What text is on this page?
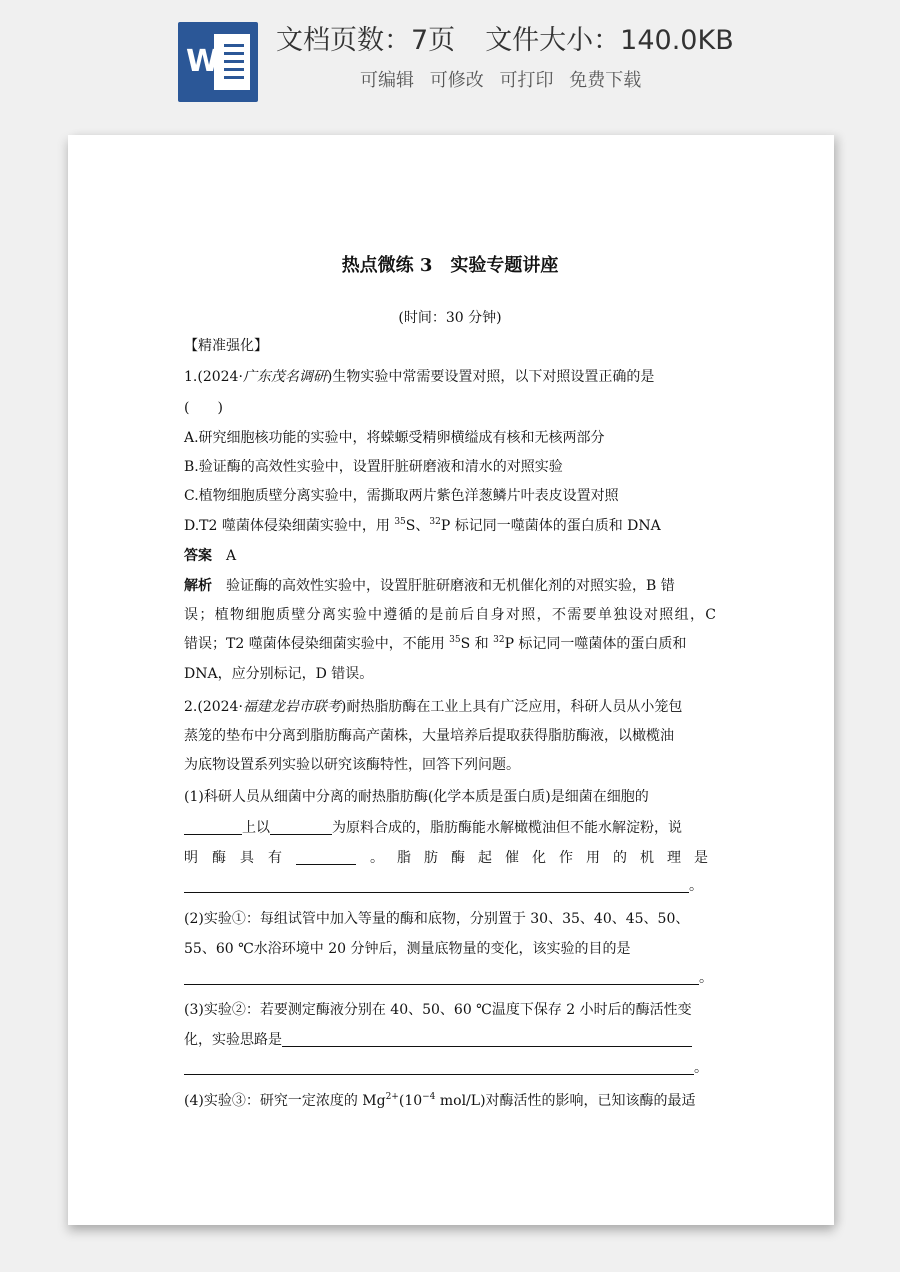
W
文档页数：7页 文件大小：140.0KB
可编辑 可修改 可打印 免费下载
热点微练 3　实验专题讲座
(时间：30 分钟)
【精准强化】
1.(2024·广东茂名调研)生物实验中常需要设置对照，以下对照设置正确的是
(　　)
A.研究细胞核功能的实验中，将蝾螈受精卵横缢成有核和无核两部分
B.验证酶的高效性实验中，设置肝脏研磨液和清水的对照实验
C.植物细胞质壁分离实验中，需撕取两片紫色洋葱鳞片叶表皮设置对照
D.T2 噬菌体侵染细菌实验中，用 $^{35}$S、$^{32}$P 标记同一噬菌体的蛋白质和 DNA
答案　 A
解析　 验证酶的高效性实验中，设置肝脏研磨液和无机催化剂的对照实验，B 错
误；植物细胞质壁分离实验中遵循的是前后自身对照，不需要单独设对照组，C
错误；T2 噬菌体侵染细菌实验中，不能用 $^{35}$S 和 $^{32}$P 标记同一噬菌体的蛋白质和
DNA，应分别标记，D 错误。
2.(2024·福建龙岩市联考)耐热脂肪酶在工业上具有广泛应用，科研人员从小笼包
蒸笼的垫布中分离到脂肪酶高产菌株，大量培养后提取获得脂肪酶液，以橄榄油
为底物设置系列实验以研究该酶特性，回答下列问题。
(1)科研人员从细菌中分离的耐热脂肪酶(化学本质是蛋白质)是细菌在细胞的
上以	为原料合成的，脂肪酶能水解橄榄油但不能水解淀粉，说
明酶具有　	。脂肪酶起催化作用的机理是
。
(2)实验①：每组试管中加入等量的酶和底物，分别置于 30、35、40、45、50、
55、60 ℃水浴环境中 20 分钟后，测量底物量的变化，该实验的目的是
。
(3)实验②：若要测定酶液分别在 40、50、60 ℃温度下保存 2 小时后的酶活性变
化，实验思路是
。
(4)实验③：研究一定浓度的 $Mg^{2+}(10^{-4}$ mol/L)对酶活性的影响，已知该酶的最适
